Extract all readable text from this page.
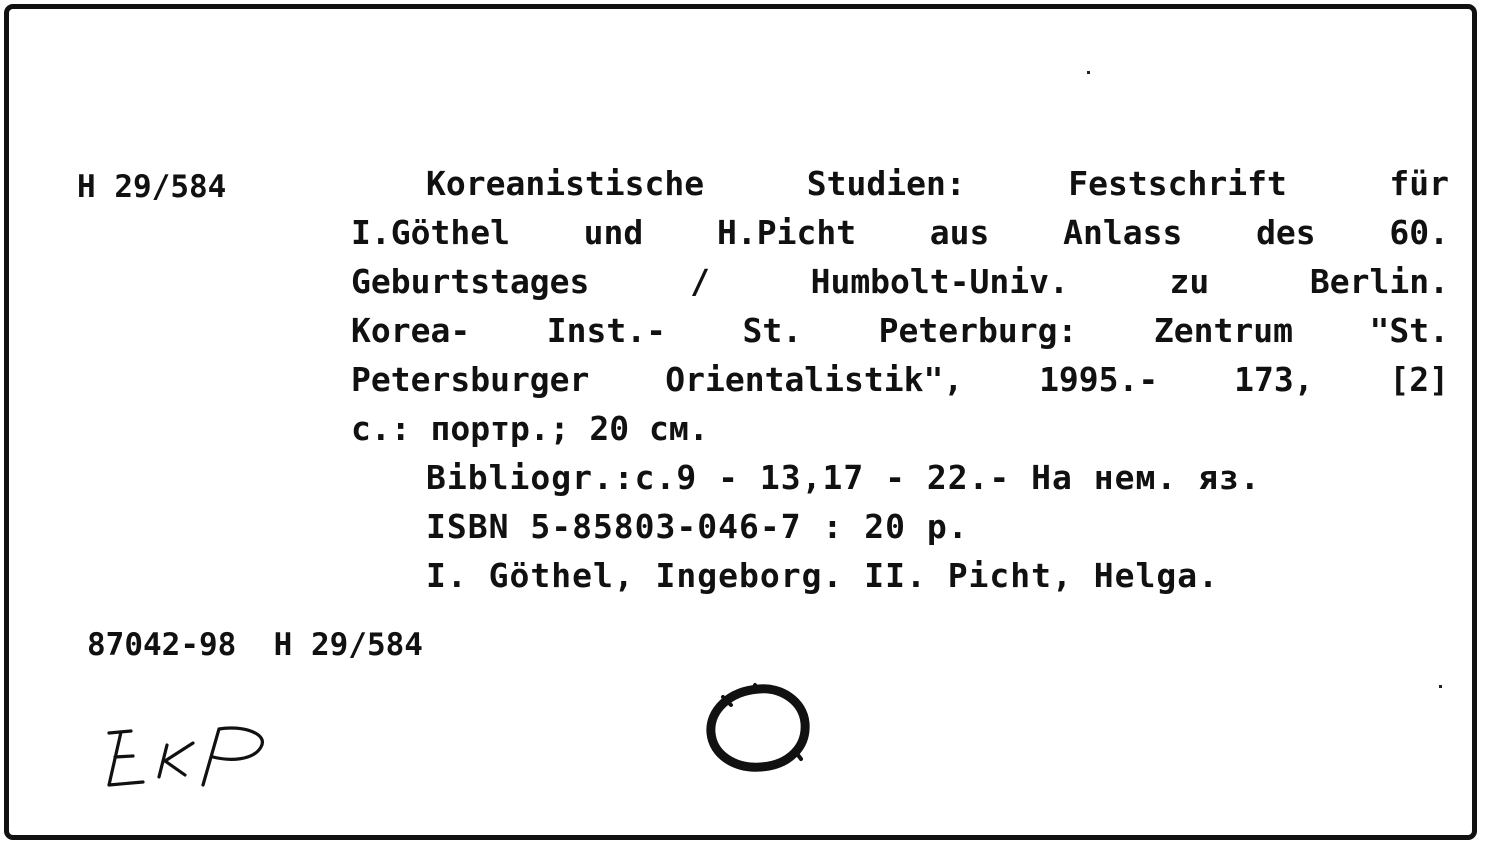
H 29/584	Koreanistische	Studien:	Festschrift	für
I.Göthel und H.Picht aus Anlass des 60.
Geburtstages	/	Humbolt-Univ.	zu	Berlin.
Korea- Inst.- St. Peterburg: Zentrum "St.
Petersburger Orientalistik", 1995.- 173, [2]
c.: портр.; 20 см.
Bibliogr.:c.9 - 13,17 - 22.- На нем. яз.
ISBN 5-85803-046-7 : 20 р.
I. Göthel, Ingeborg. II. Picht, Helga.
87042-98  H 29/584
